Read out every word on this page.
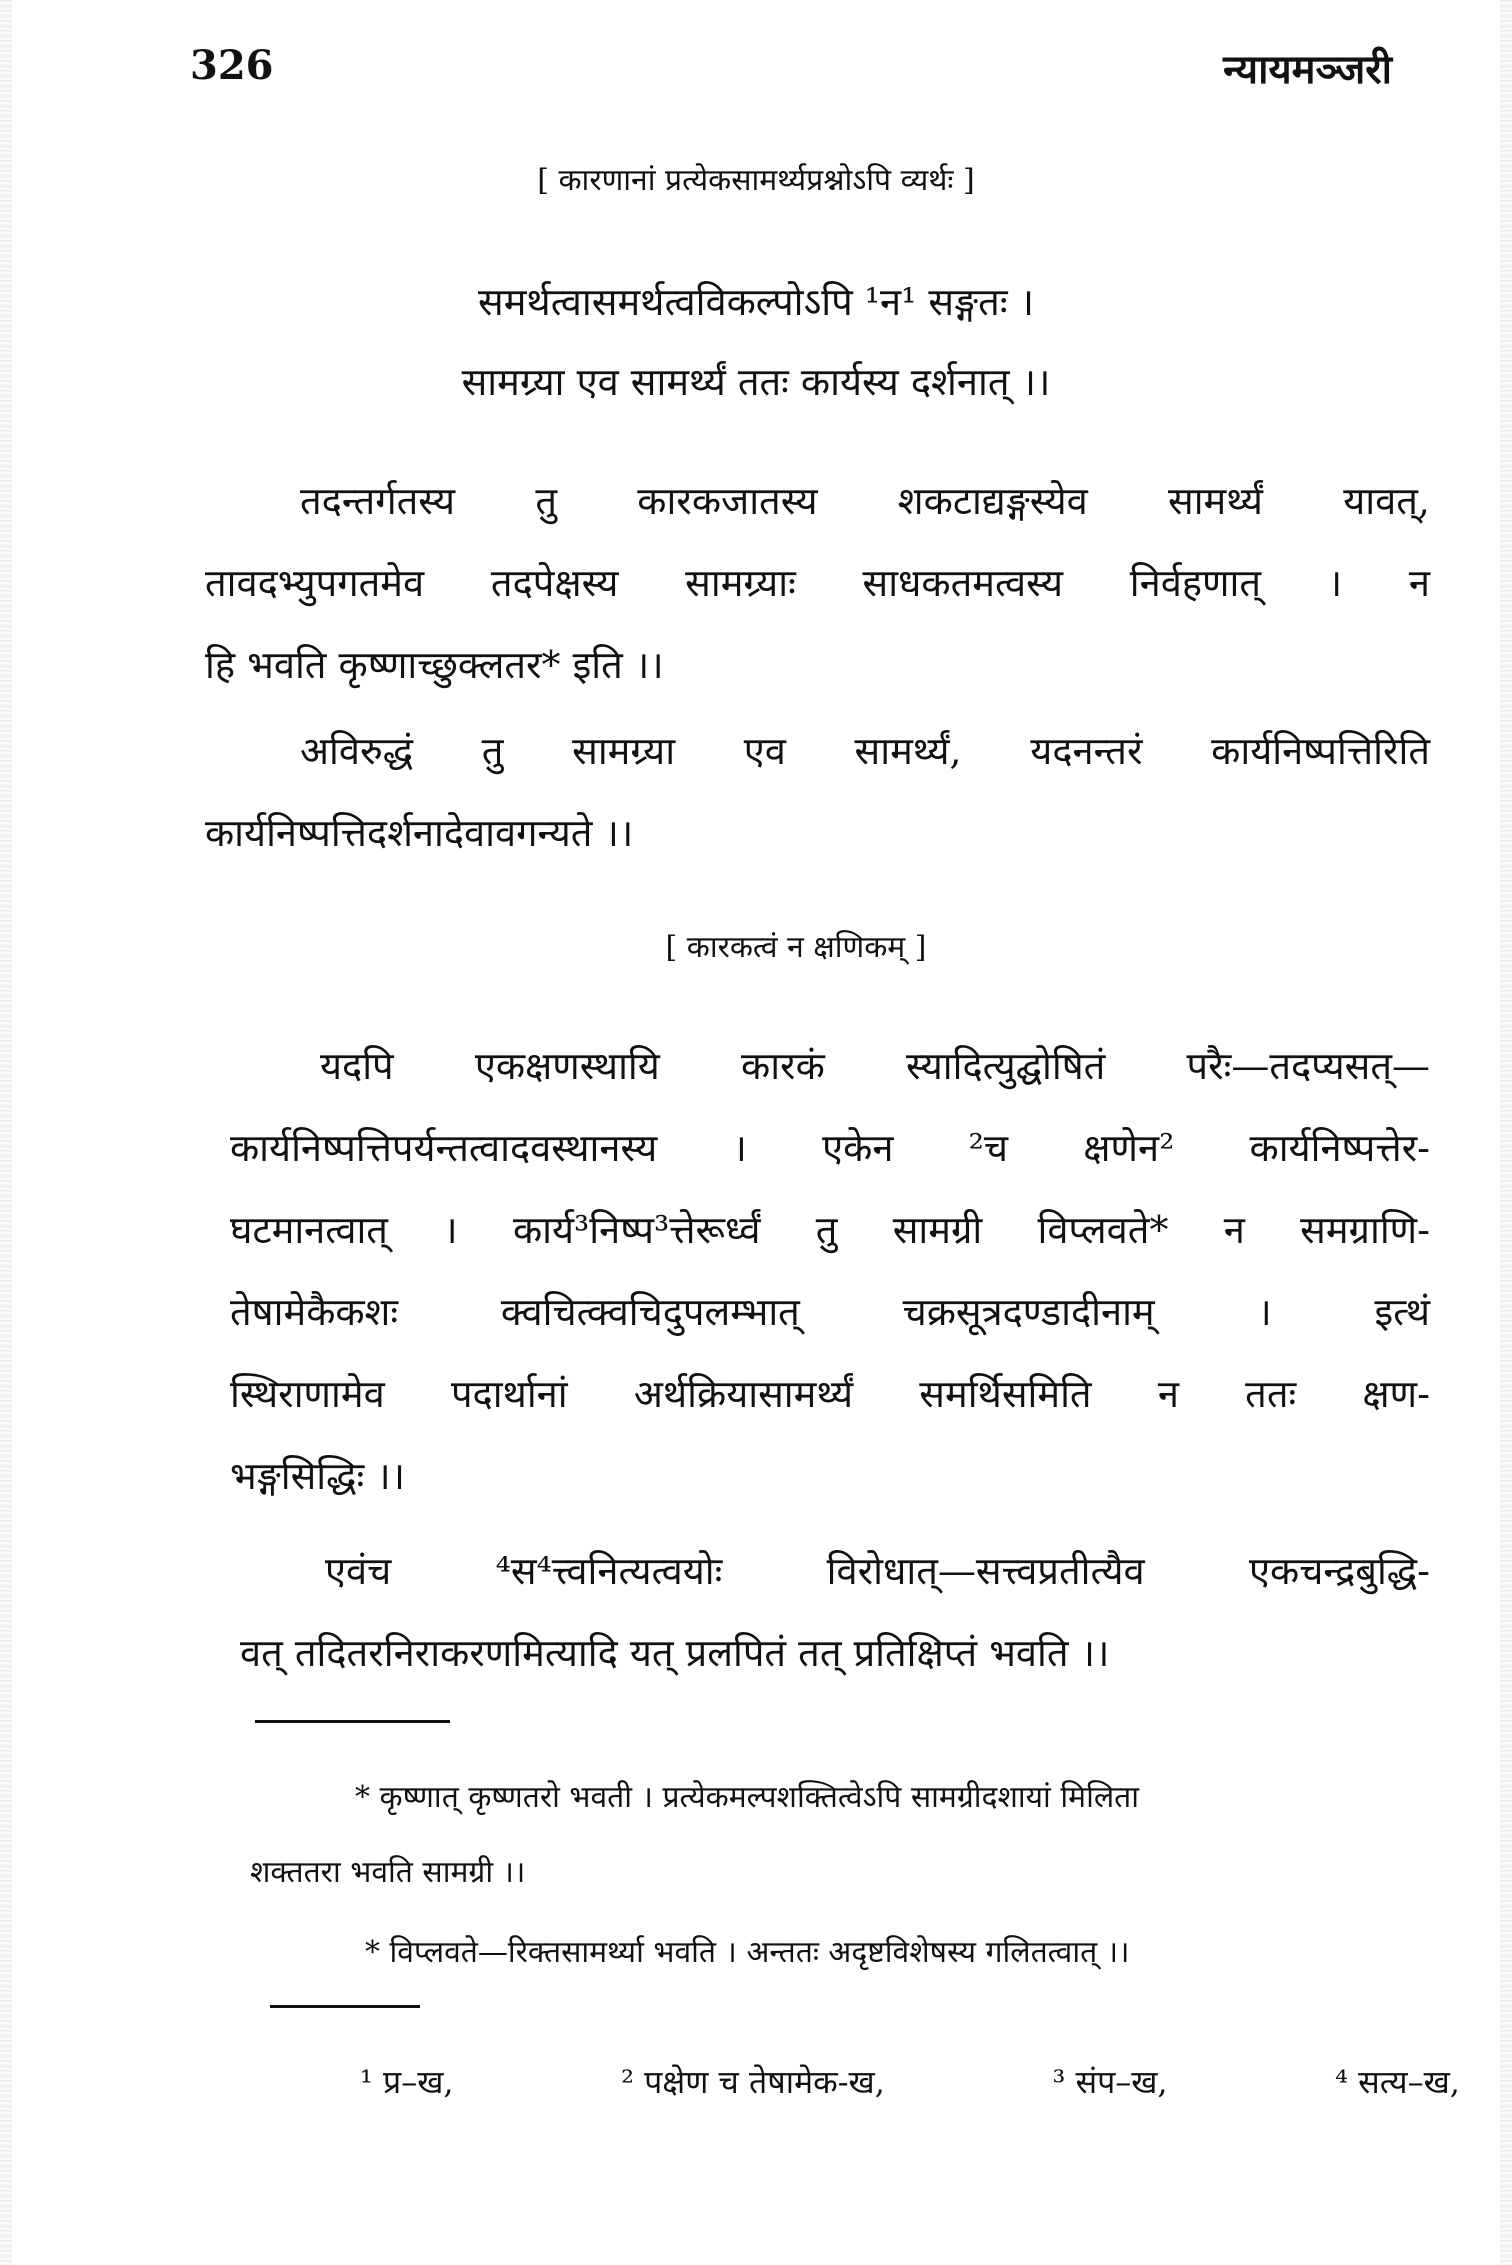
326	न्यायमञ्जरी
[ कारणानां प्रत्येकसामर्थ्यप्रश्नोऽपि व्यर्थः ]
समर्थत्वासमर्थत्वविकल्पोऽपि ¹न¹ सङ्गतः ।
सामग्र्या एव सामर्थ्यं ततः कार्यस्य दर्शनात् ।।
तदन्तर्गतस्य तु कारकजातस्य शकटाद्यङ्गस्येव सामर्थ्यं यावत्,
तावदभ्युपगतमेव तदपेक्षस्य सामग्र्याः साधकतमत्वस्य निर्वहणात् । न
हि भवति कृष्णाच्छुक्लतर* इति ।।
अविरुद्धं तु सामग्र्या एव सामर्थ्यं, यदनन्तरं कार्यनिष्पत्तिरिति
कार्यनिष्पत्तिदर्शनादेवावगन्यते ।।
[ कारकत्वं न क्षणिकम् ]
यदपि एकक्षणस्थायि कारकं स्यादित्युद्घोषितं परैः—तदप्यसत्—
कार्यनिष्पत्तिपर्यन्तत्वादवस्थानस्य । एकेन ²च क्षणेन² कार्यनिष्पत्तेर-
घटमानत्वात् । कार्य³निष्प³त्तेरूर्ध्वं तु सामग्री विप्लवते* न समग्राणि-
तेषामेकैकशः क्वचित्क्वचिदुपलम्भात् चक्रसूत्रदण्डादीनाम् । इत्थं
स्थिराणामेव पदार्थानां अर्थक्रियासामर्थ्यं समर्थिसमिति न ततः क्षण-
भङ्गसिद्धिः ।।
एवंच ⁴स⁴त्त्वनित्यत्वयोः विरोधात्—सत्त्वप्रतीत्यैव एकचन्द्रबुद्धि-
वत् तदितरनिराकरणमित्यादि यत् प्रलपितं तत् प्रतिक्षिप्तं भवति ।।
* कृष्णात् कृष्णतरो भवती । प्रत्येकमल्पशक्तित्वेऽपि सामग्रीदशायां मिलिता
शक्ततरा भवति सामग्री ।।
* विप्लवते—रिक्तसामर्थ्या भवति । अन्ततः अदृष्टविशेषस्य गलितत्वात् ।।
¹ प्र–ख,	² पक्षेण च तेषामेक-ख,	³ संप–ख,	⁴ सत्य–ख,
